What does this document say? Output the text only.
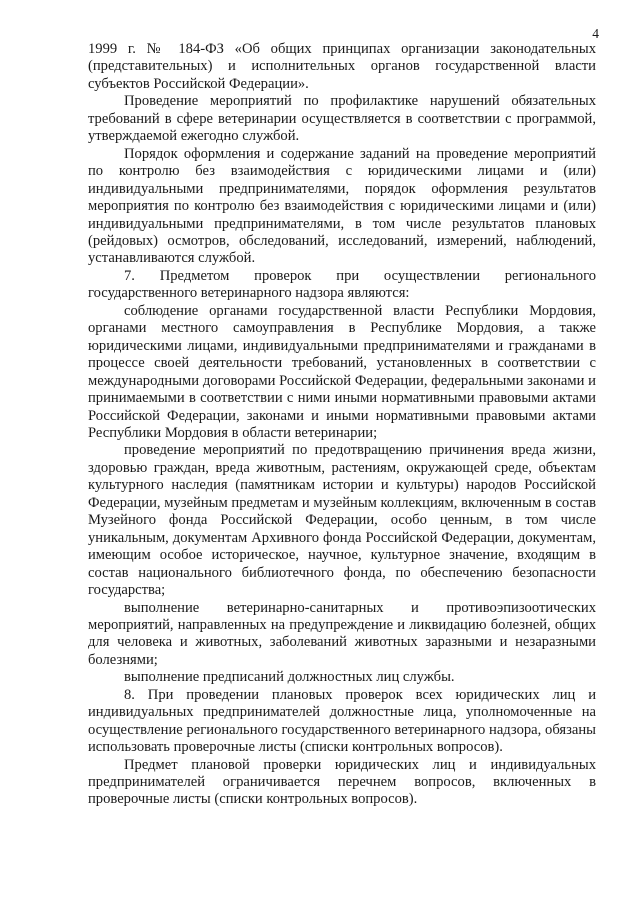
4

1999 г. № 184-ФЗ «Об общих принципах организации законодательных (представительных) и исполнительных органов государственной власти субъектов Российской Федерации».

Проведение мероприятий по профилактике нарушений обязательных требований в сфере ветеринарии осуществляется в соответствии с программой, утверждаемой ежегодно службой.

Порядок оформления и содержание заданий на проведение мероприятий по контролю без взаимодействия с юридическими лицами и (или) индивидуальными предпринимателями, порядок оформления результатов мероприятия по контролю без взаимодействия с юридическими лицами и (или) индивидуальными предпринимателями, в том числе результатов плановых (рейдовых) осмотров, обследований, исследований, измерений, наблюдений, устанавливаются службой.

7. Предметом проверок при осуществлении регионального государственного ветеринарного надзора являются:

соблюдение органами государственной власти Республики Мордовия, органами местного самоуправления в Республике Мордовия, а также юридическими лицами, индивидуальными предпринимателями и гражданами в процессе своей деятельности требований, установленных в соответствии с международными договорами Российской Федерации, федеральными законами и принимаемыми в соответствии с ними иными нормативными правовыми актами Российской Федерации, законами и иными нормативными правовыми актами Республики Мордовия в области ветеринарии;

проведение мероприятий по предотвращению причинения вреда жизни, здоровью граждан, вреда животным, растениям, окружающей среде, объектам культурного наследия (памятникам истории и культуры) народов Российской Федерации, музейным предметам и музейным коллекциям, включенным в состав Музейного фонда Российской Федерации, особо ценным, в том числе уникальным, документам Архивного фонда Российской Федерации, документам, имеющим особое историческое, научное, культурное значение, входящим в состав национального библиотечного фонда, по обеспечению безопасности государства;

выполнение ветеринарно-санитарных и противоэпизоотических мероприятий, направленных на предупреждение и ликвидацию болезней, общих для человека и животных, заболеваний животных заразными и незаразными болезнями;

выполнение предписаний должностных лиц службы.

8. При проведении плановых проверок всех юридических лиц и индивидуальных предпринимателей должностные лица, уполномоченные на осуществление регионального государственного ветеринарного надзора, обязаны использовать проверочные листы (списки контрольных вопросов).

Предмет плановой проверки юридических лиц и индивидуальных предпринимателей ограничивается перечнем вопросов, включенных в проверочные листы (списки контрольных вопросов).
